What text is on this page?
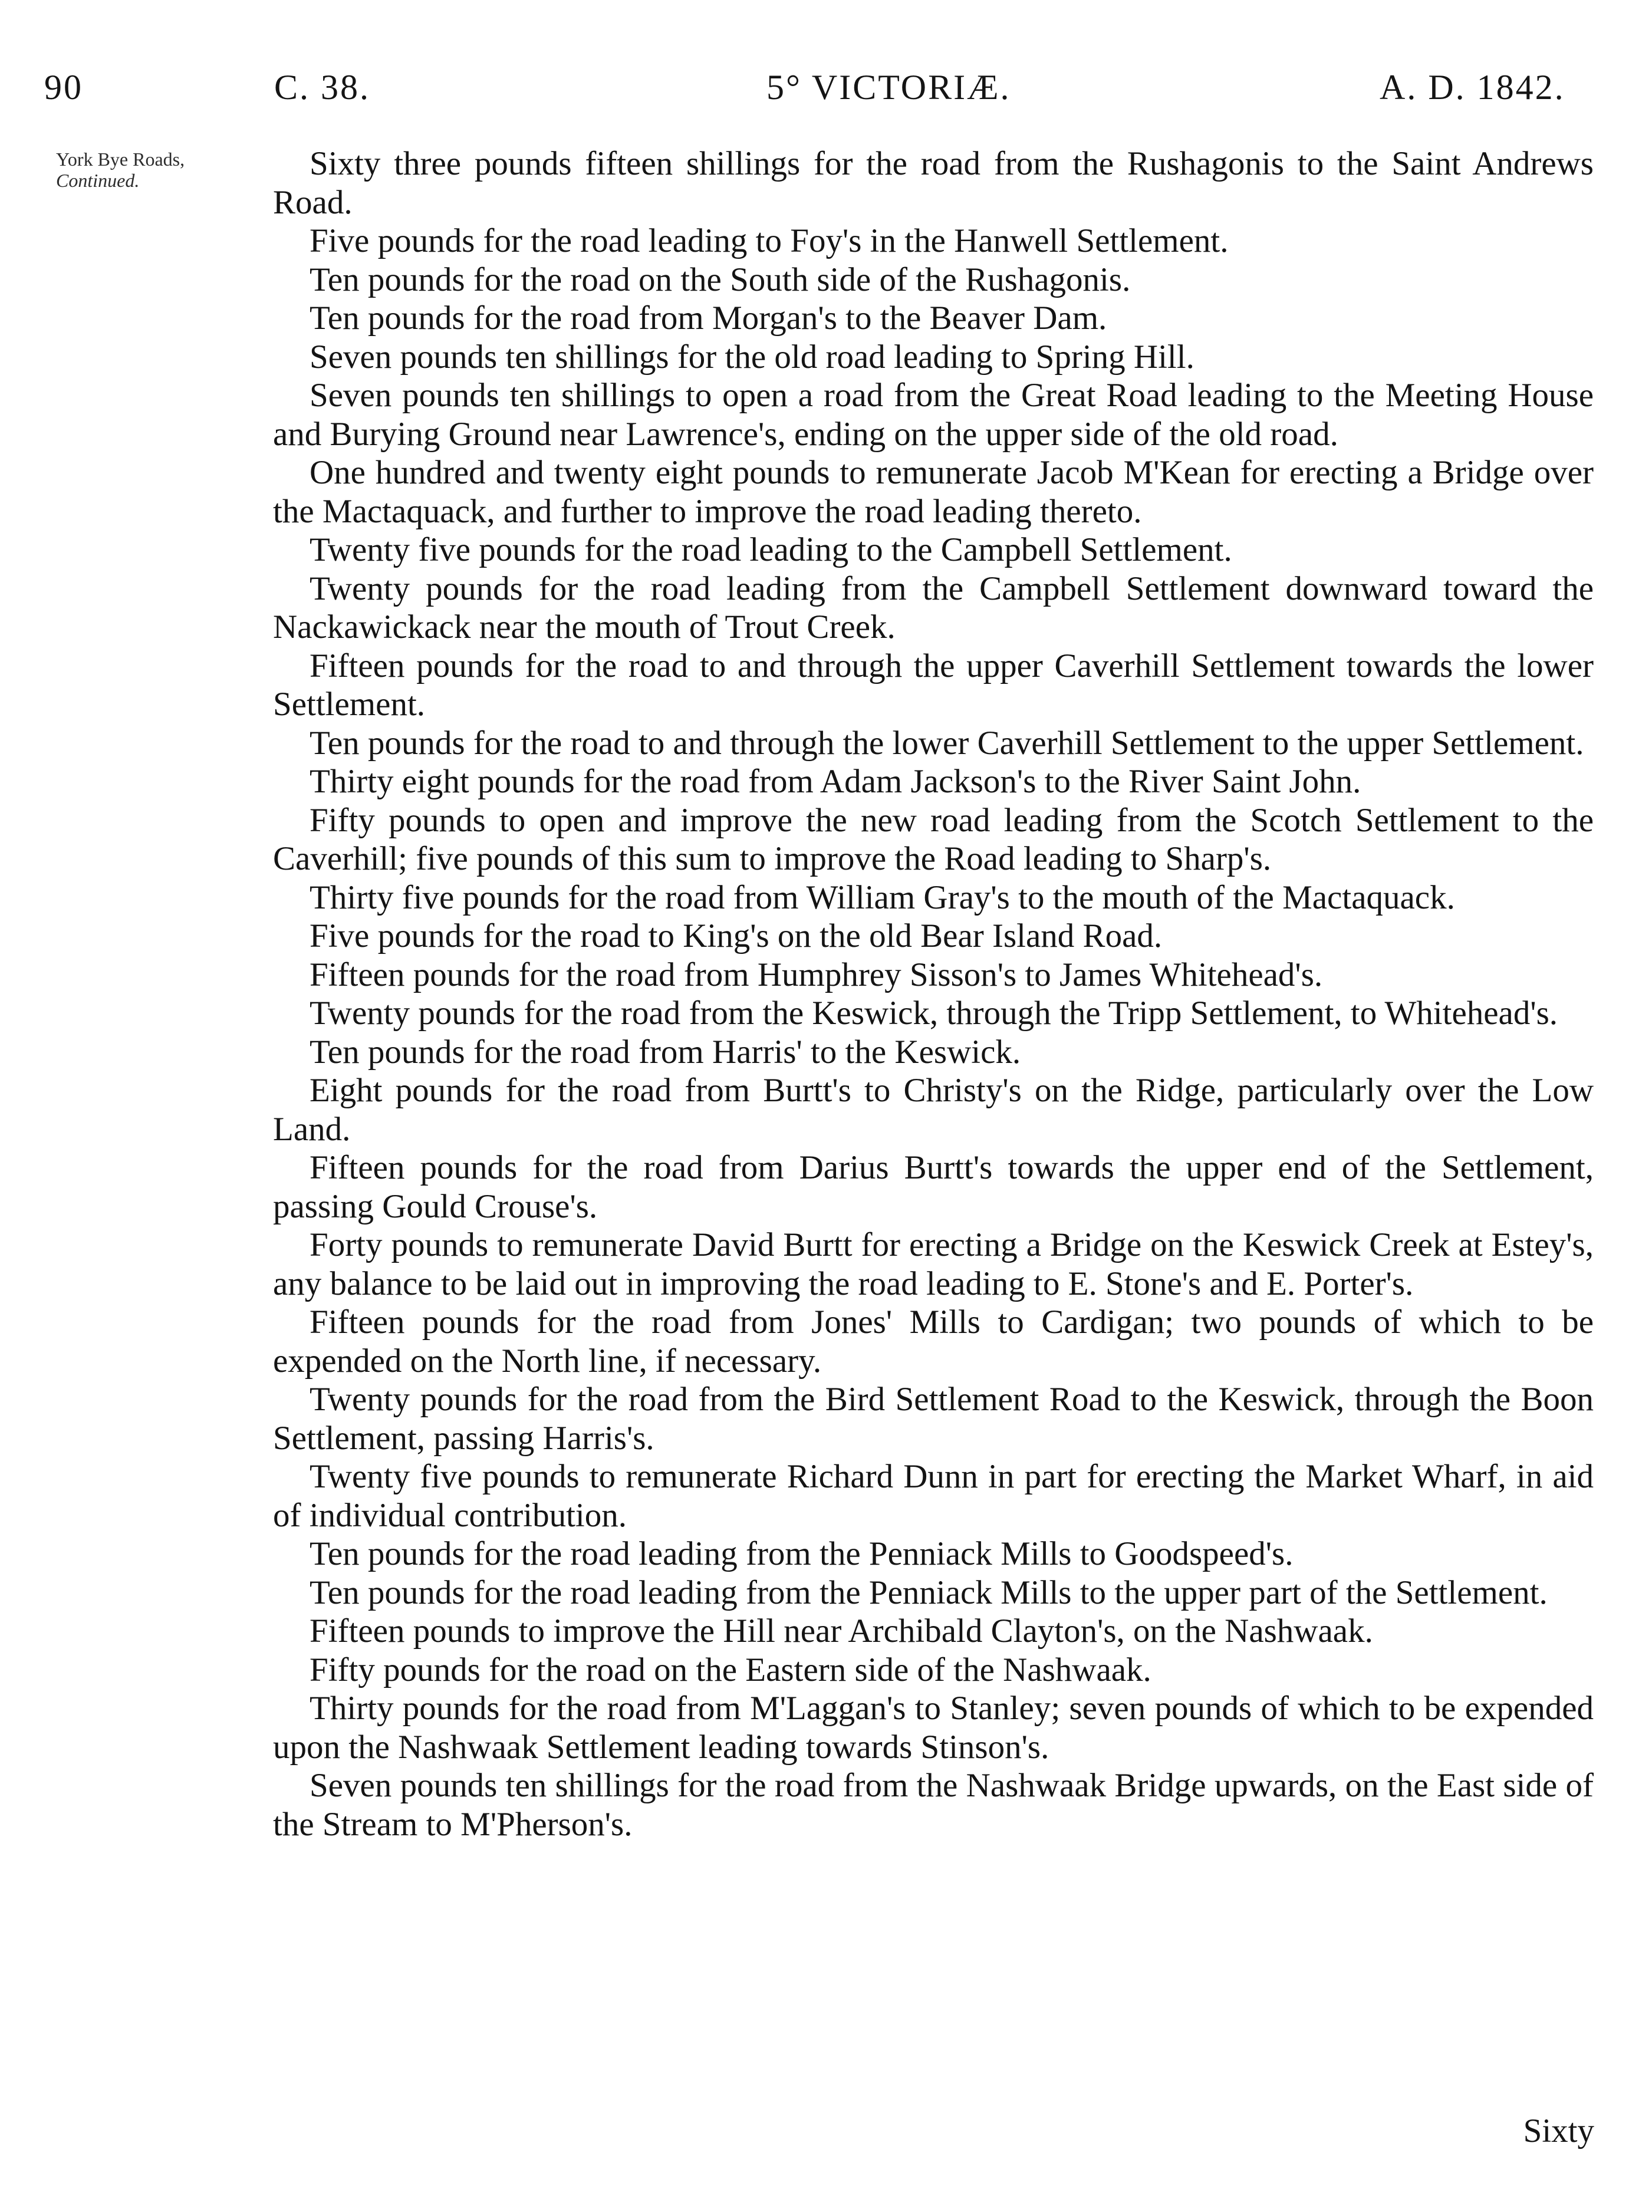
90	C. 38.	5° VICTORIÆ.	A. D. 1842.
York Bye Roads,
Continued.	Sixty three pounds fifteen shillings for the road from the Rushagonis to the Saint Andrews Road.

Five pounds for the road leading to Foy's in the Hanwell Settlement.

Ten pounds for the road on the South side of the Rushagonis.

Ten pounds for the road from Morgan's to the Beaver Dam.

Seven pounds ten shillings for the old road leading to Spring Hill.

Seven pounds ten shillings to open a road from the Great Road leading to the Meeting House and Burying Ground near Lawrence's, ending on the upper side of the old road.

One hundred and twenty eight pounds to remunerate Jacob M'Kean for erecting a Bridge over the Mactaquack, and further to improve the road leading thereto.

Twenty five pounds for the road leading to the Campbell Settlement.

Twenty pounds for the road leading from the Campbell Settlement downward toward the Nackawickack near the mouth of Trout Creek.

Fifteen pounds for the road to and through the upper Caverhill Settlement towards the lower Settlement.

Ten pounds for the road to and through the lower Caverhill Settlement to the upper Settlement.

Thirty eight pounds for the road from Adam Jackson's to the River Saint John.

Fifty pounds to open and improve the new road leading from the Scotch Settlement to the Caverhill; five pounds of this sum to improve the Road leading to Sharp's.

Thirty five pounds for the road from William Gray's to the mouth of the Mactaquack.

Five pounds for the road to King's on the old Bear Island Road.

Fifteen pounds for the road from Humphrey Sisson's to James Whitehead's.

Twenty pounds for the road from the Keswick, through the Tripp Settlement, to Whitehead's.

Ten pounds for the road from Harris' to the Keswick.

Eight pounds for the road from Burtt's to Christy's on the Ridge, particularly over the Low Land.

Fifteen pounds for the road from Darius Burtt's towards the upper end of the Settlement, passing Gould Crouse's.

Forty pounds to remunerate David Burtt for erecting a Bridge on the Keswick Creek at Estey's, any balance to be laid out in improving the road leading to E. Stone's and E. Porter's.

Fifteen pounds for the road from Jones' Mills to Cardigan; two pounds of which to be expended on the North line, if necessary.

Twenty pounds for the road from the Bird Settlement Road to the Keswick, through the Boon Settlement, passing Harris's.

Twenty five pounds to remunerate Richard Dunn in part for erecting the Market Wharf, in aid of individual contribution.

Ten pounds for the road leading from the Penniack Mills to Goodspeed's.

Ten pounds for the road leading from the Penniack Mills to the upper part of the Settlement.

Fifteen pounds to improve the Hill near Archibald Clayton's, on the Nashwaak.

Fifty pounds for the road on the Eastern side of the Nashwaak.

Thirty pounds for the road from M'Laggan's to Stanley; seven pounds of which to be expended upon the Nashwaak Settlement leading towards Stinson's.

Seven pounds ten shillings for the road from the Nashwaak Bridge upwards, on the East side of the Stream to M'Pherson's.

Sixty
